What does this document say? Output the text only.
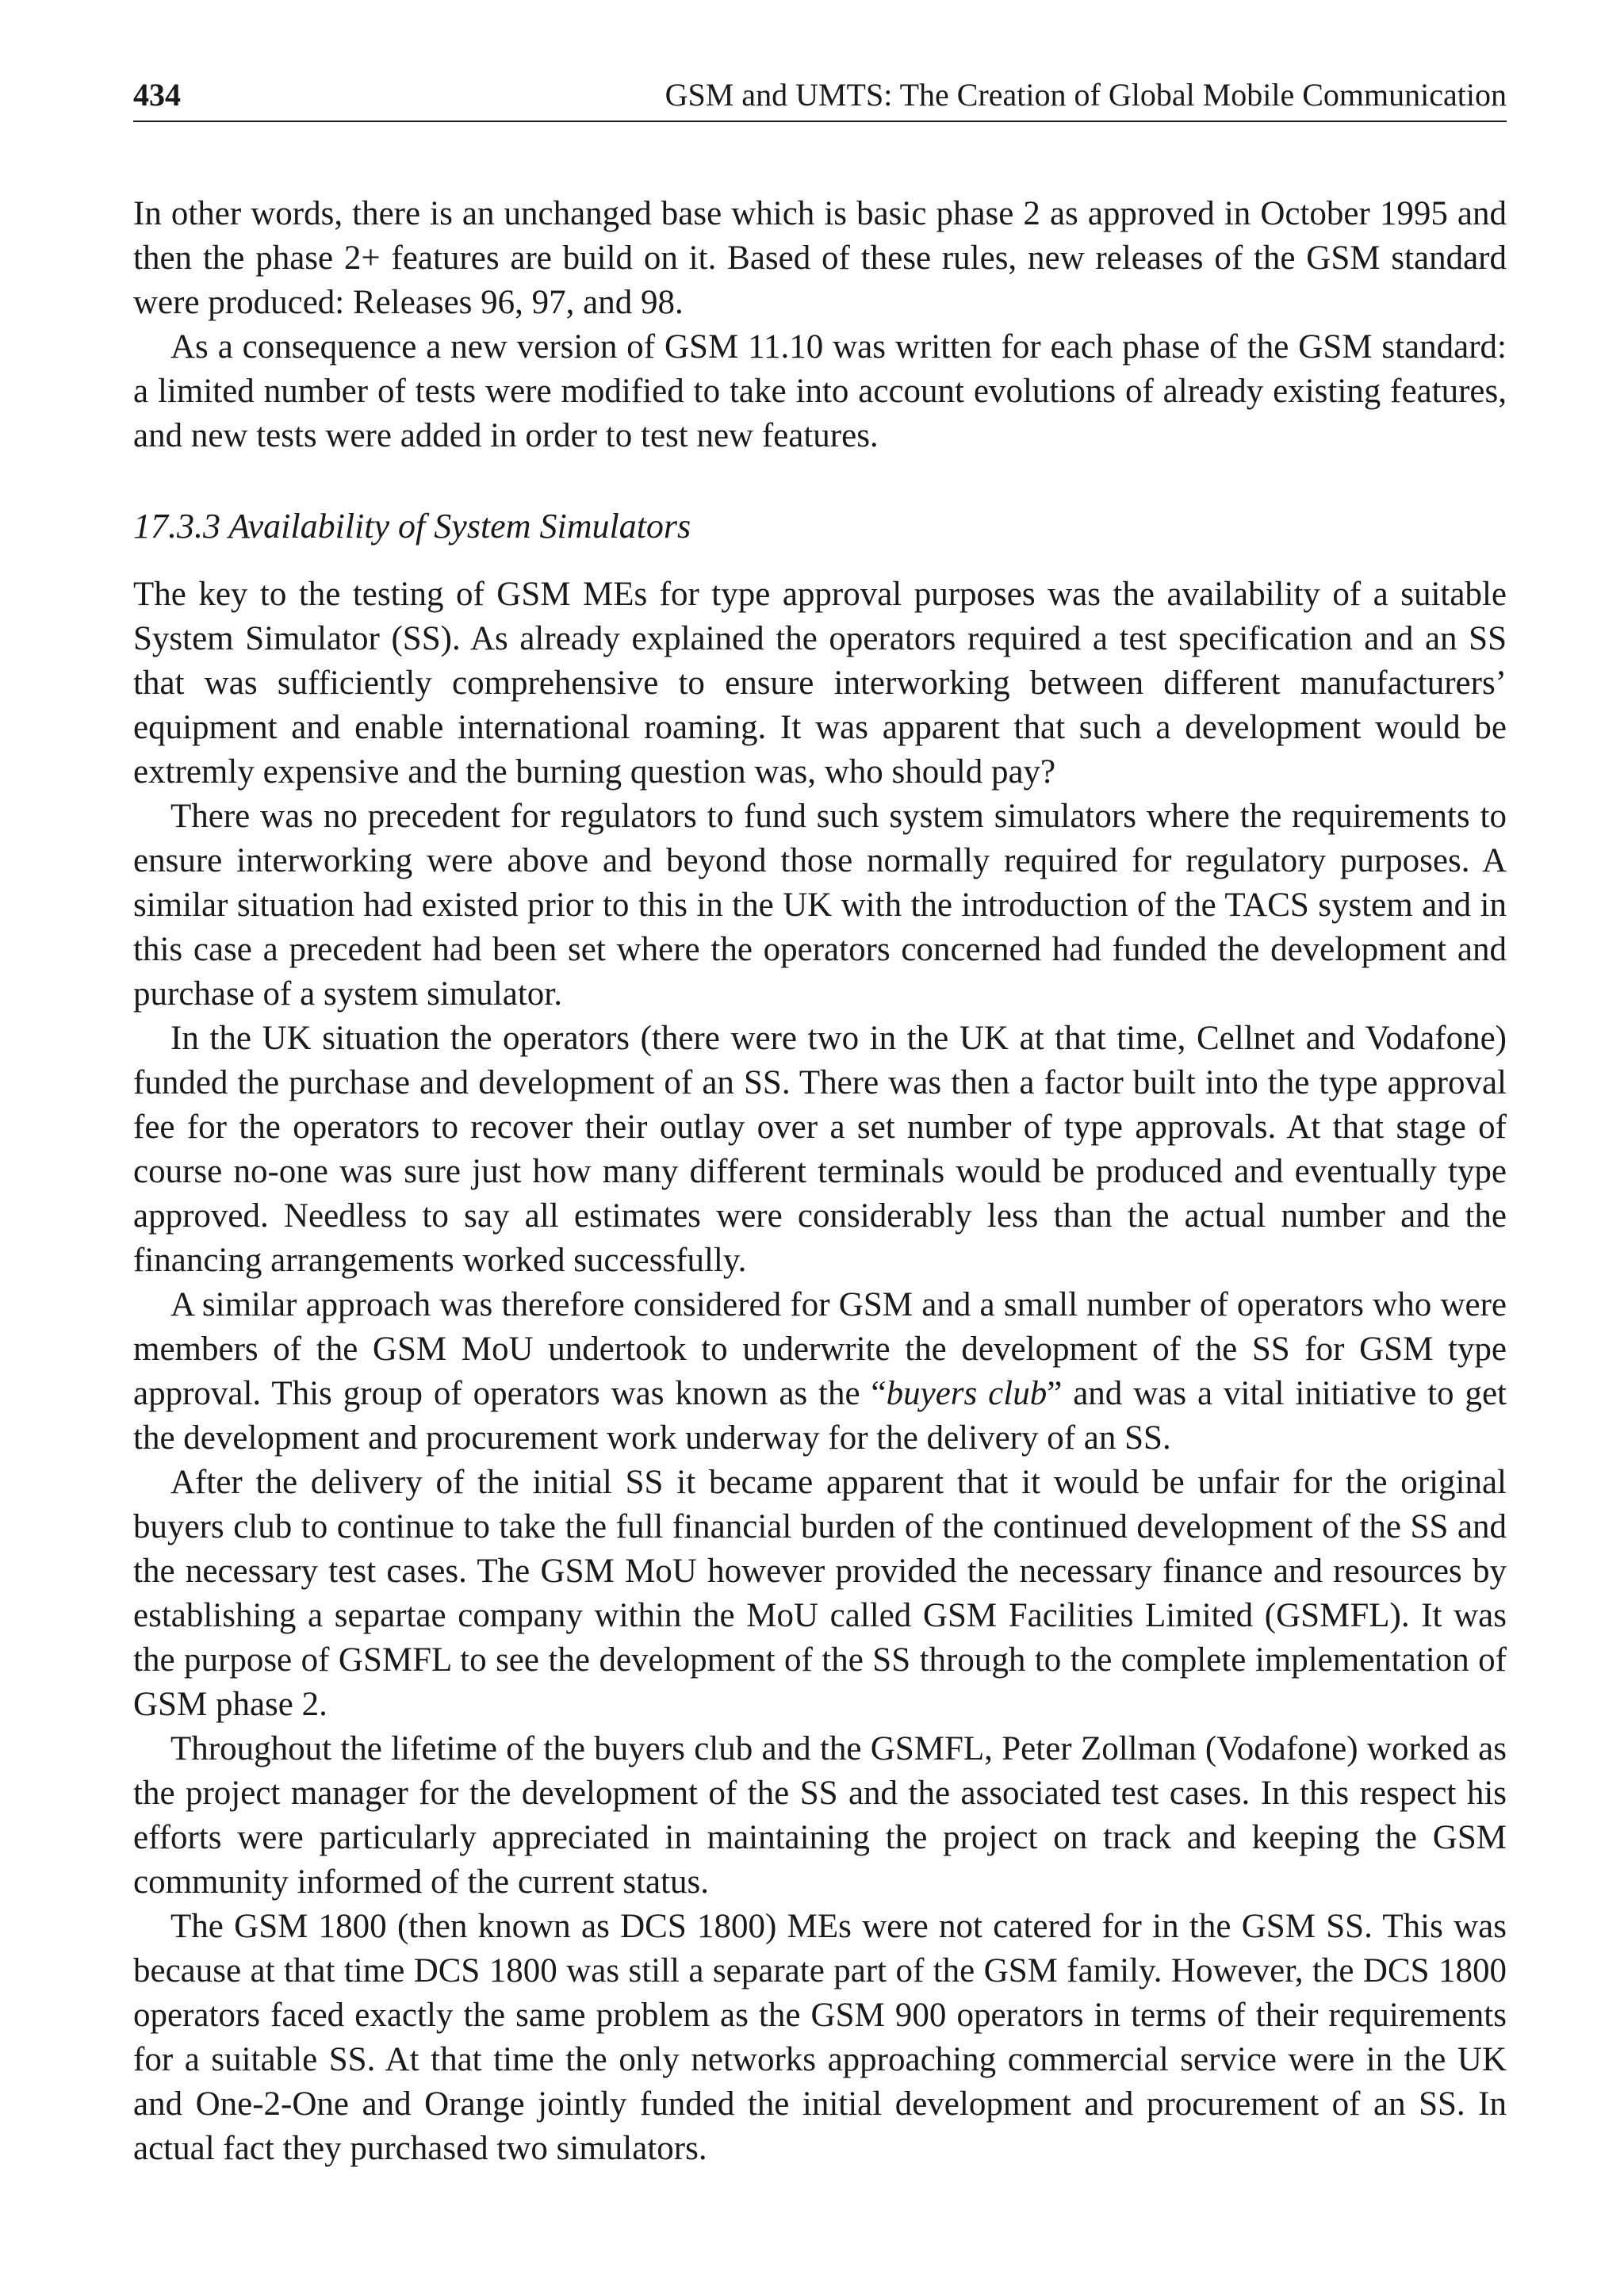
434	GSM and UMTS: The Creation of Global Mobile Communication

In other words, there is an unchanged base which is basic phase 2 as approved in October 1995 and then the phase 2+ features are build on it. Based of these rules, new releases of the GSM standard were produced: Releases 96, 97, and 98.

As a consequence a new version of GSM 11.10 was written for each phase of the GSM standard: a limited number of tests were modified to take into account evolutions of already existing features, and new tests were added in order to test new features.

17.3.3 Availability of System Simulators

The key to the testing of GSM MEs for type approval purposes was the availability of a suitable System Simulator (SS). As already explained the operators required a test specification and an SS that was sufficiently comprehensive to ensure interworking between different manufacturers’ equipment and enable international roaming. It was apparent that such a development would be extremly expensive and the burning question was, who should pay?

There was no precedent for regulators to fund such system simulators where the requirements to ensure interworking were above and beyond those normally required for regulatory purposes. A similar situation had existed prior to this in the UK with the introduction of the TACS system and in this case a precedent had been set where the operators concerned had funded the development and purchase of a system simulator.

In the UK situation the operators (there were two in the UK at that time, Cellnet and Vodafone) funded the purchase and development of an SS. There was then a factor built into the type approval fee for the operators to recover their outlay over a set number of type approvals. At that stage of course no-one was sure just how many different terminals would be produced and eventually type approved. Needless to say all estimates were considerably less than the actual number and the financing arrangements worked successfully.

A similar approach was therefore considered for GSM and a small number of operators who were members of the GSM MoU undertook to underwrite the development of the SS for GSM type approval. This group of operators was known as the “buyers club” and was a vital initiative to get the development and procurement work underway for the delivery of an SS.

After the delivery of the initial SS it became apparent that it would be unfair for the original buyers club to continue to take the full financial burden of the continued development of the SS and the necessary test cases. The GSM MoU however provided the necessary finance and resources by establishing a separtae company within the MoU called GSM Facilities Limited (GSMFL). It was the purpose of GSMFL to see the development of the SS through to the complete implementation of GSM phase 2.

Throughout the lifetime of the buyers club and the GSMFL, Peter Zollman (Vodafone) worked as the project manager for the development of the SS and the associated test cases. In this respect his efforts were particularly appreciated in maintaining the project on track and keeping the GSM community informed of the current status.

The GSM 1800 (then known as DCS 1800) MEs were not catered for in the GSM SS. This was because at that time DCS 1800 was still a separate part of the GSM family. However, the DCS 1800 operators faced exactly the same problem as the GSM 900 operators in terms of their requirements for a suitable SS. At that time the only networks approaching commercial service were in the UK and One-2-One and Orange jointly funded the initial development and procurement of an SS. In actual fact they purchased two simulators.
